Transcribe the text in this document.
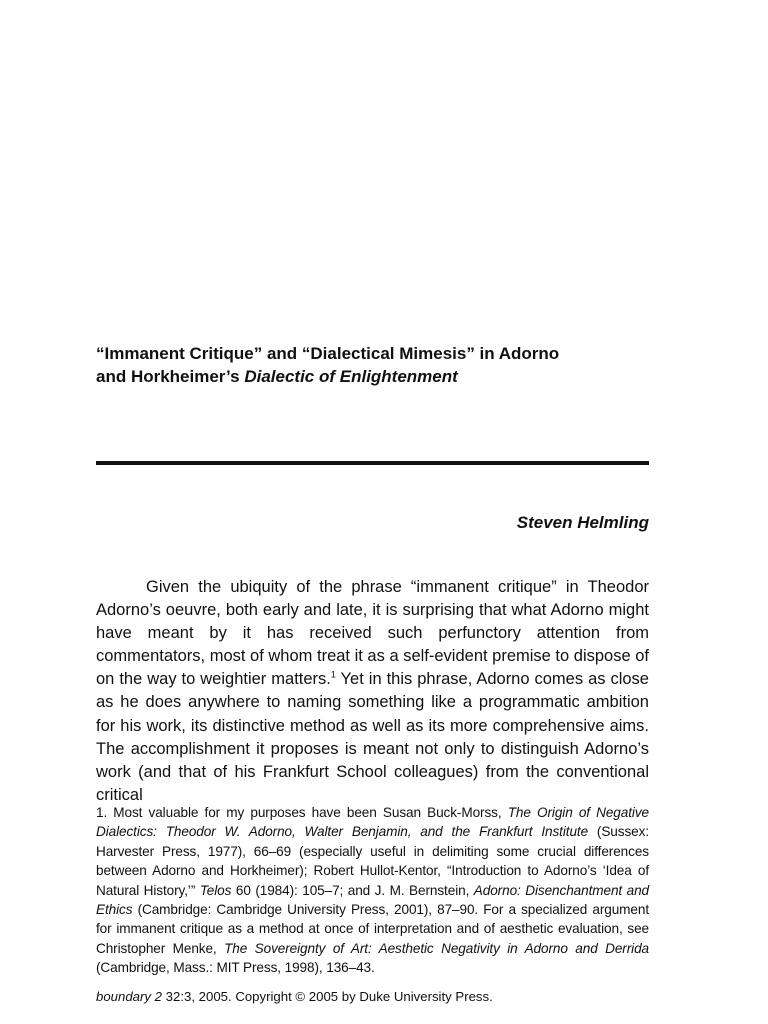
“Immanent Critique” and “Dialectical Mimesis” in Adorno
and Horkheimer’s Dialectic of Enlightenment
Steven Helmling

Given the ubiquity of the phrase “immanent critique” in Theodor Adorno’s oeuvre, both early and late, it is surprising that what Adorno might have meant by it has received such perfunctory attention from commentators, most of whom treat it as a self-evident premise to dispose of on the way to weightier matters.$^1$ Yet in this phrase, Adorno comes as close as he does anywhere to naming something like a programmatic ambition for his work, its distinctive method as well as its more comprehensive aims. The accomplishment it proposes is meant not only to distinguish Adorno’s work (and that of his Frankfurt School colleagues) from the conventional critical

1. Most valuable for my purposes have been Susan Buck-Morss, The Origin of Negative Dialectics: Theodor W. Adorno, Walter Benjamin, and the Frankfurt Institute (Sussex: Harvester Press, 1977), 66–69 (especially useful in delimiting some crucial differences between Adorno and Horkheimer); Robert Hullot-Kentor, “Introduction to Adorno’s ‘Idea of Natural History,’” Telos 60 (1984): 105–7; and J. M. Bernstein, Adorno: Disenchantment and Ethics (Cambridge: Cambridge University Press, 2001), 87–90. For a specialized argument for immanent critique as a method at once of interpretation and of aesthetic evaluation, see Christopher Menke, The Sovereignty of Art: Aesthetic Negativity in Adorno and Derrida (Cambridge, Mass.: MIT Press, 1998), 136–43.

boundary 2 32:3, 2005. Copyright © 2005 by Duke University Press.
